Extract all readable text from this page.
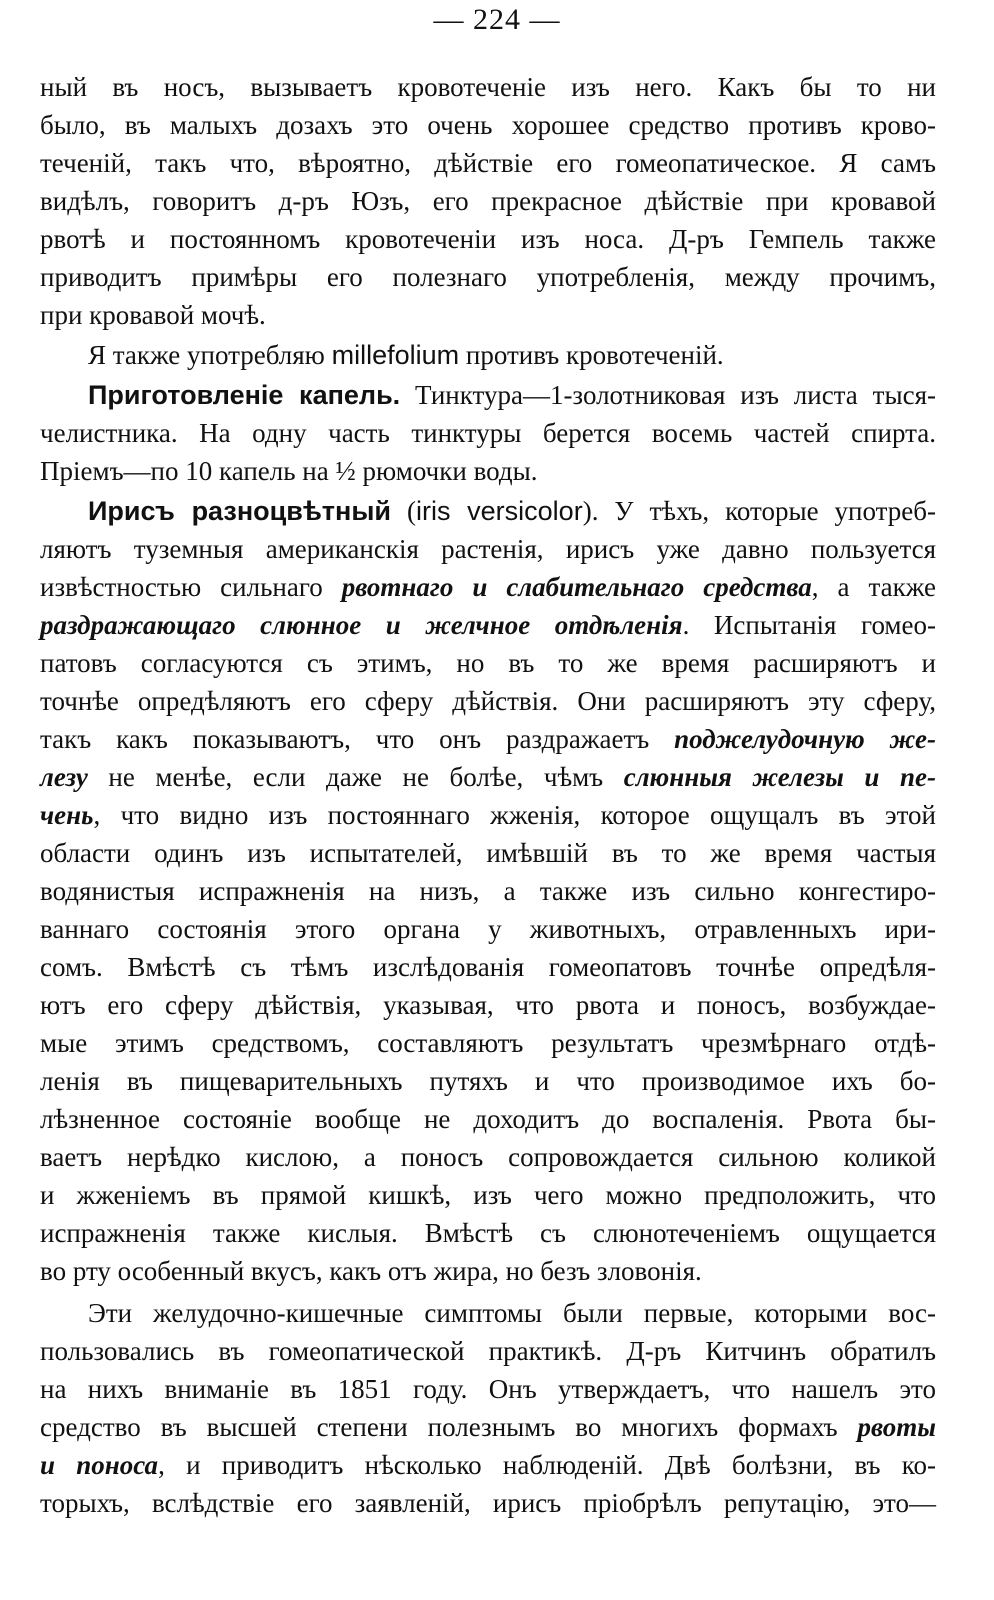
— 224 —
ный въ носъ, вызываетъ кровотеченіе изъ него. Какъ бы то ни
было, въ малыхъ дозахъ это очень хорошее средство противъ крово-
теченій, такъ что, вѣроятно, дѣйствіе его гомеопатическое. Я самъ
видѣлъ, говоритъ д-ръ Юзъ, его прекрасное дѣйствіе при кровавой
рвотѣ и постоянномъ кровотеченіи изъ носа. Д-ръ Гемпель также
приводитъ примѣры его полезнаго употребленія, между прочимъ,
при кровавой мочѣ.
Я также употребляю millefolium противъ кровотеченій.
Приготовленіе капель. Тинктура—1-золотниковая изъ листа тыся-
челистника. На одну часть тинктуры берется восемь частей спирта.
Пріемъ—по 10 капель на ½ рюмочки воды.
Ирисъ разноцвѣтный (iris versicolor). У тѣхъ, которые употреб-
ляютъ туземныя американскія растенія, ирисъ уже давно пользуется
извѣстностью сильнаго рвотнаго и слабительнаго средства, а также
раздражающаго слюнное и желчное отдѣленія. Испытанія гомео-
патовъ согласуются съ этимъ, но въ то же время расширяютъ и
точнѣе опредѣляютъ его сферу дѣйствія. Они расширяютъ эту сферу,
такъ какъ показываютъ, что онъ раздражаетъ поджелудочную же-
лезу не менѣе, если даже не болѣе, чѣмъ слюнныя железы и пе-
чень, что видно изъ постояннаго жженія, которое ощущалъ въ этой
области одинъ изъ испытателей, имѣвшій въ то же время частыя
водянистыя испражненія на низъ, а также изъ сильно конгестиро-
ваннаго состоянія этого органа у животныхъ, отравленныхъ ири-
сомъ. Вмѣстѣ съ тѣмъ изслѣдованія гомеопатовъ точнѣе опредѣля-
ютъ его сферу дѣйствія, указывая, что рвота и поносъ, возбуждае-
мые этимъ средствомъ, составляютъ результатъ чрезмѣрнаго отдѣ-
ленія въ пищеварительныхъ путяхъ и что производимое ихъ бо-
лѣзненное состояніе вообще не доходитъ до воспаленія. Рвота бы-
ваетъ нерѣдко кислою, а поносъ сопровождается сильною коликой
и жженіемъ въ прямой кишкѣ, изъ чего можно предположить, что
испражненія также кислыя. Вмѣстѣ съ слюнотеченіемъ ощущается
во рту особенный вкусъ, какъ отъ жира, но безъ зловонія.
Эти желудочно-кишечные симптомы были первые, которыми вос-
пользовались въ гомеопатической практикѣ. Д-ръ Китчинъ обратилъ
на нихъ вниманіе въ 1851 году. Онъ утверждаетъ, что нашелъ это
средство въ высшей степени полезнымъ во многихъ формахъ рвоты
и поноса, и приводитъ нѣсколько наблюденій. Двѣ болѣзни, въ ко-
торыхъ, вслѣдствіе его заявленій, ирисъ пріобрѣлъ репутацію, это—
